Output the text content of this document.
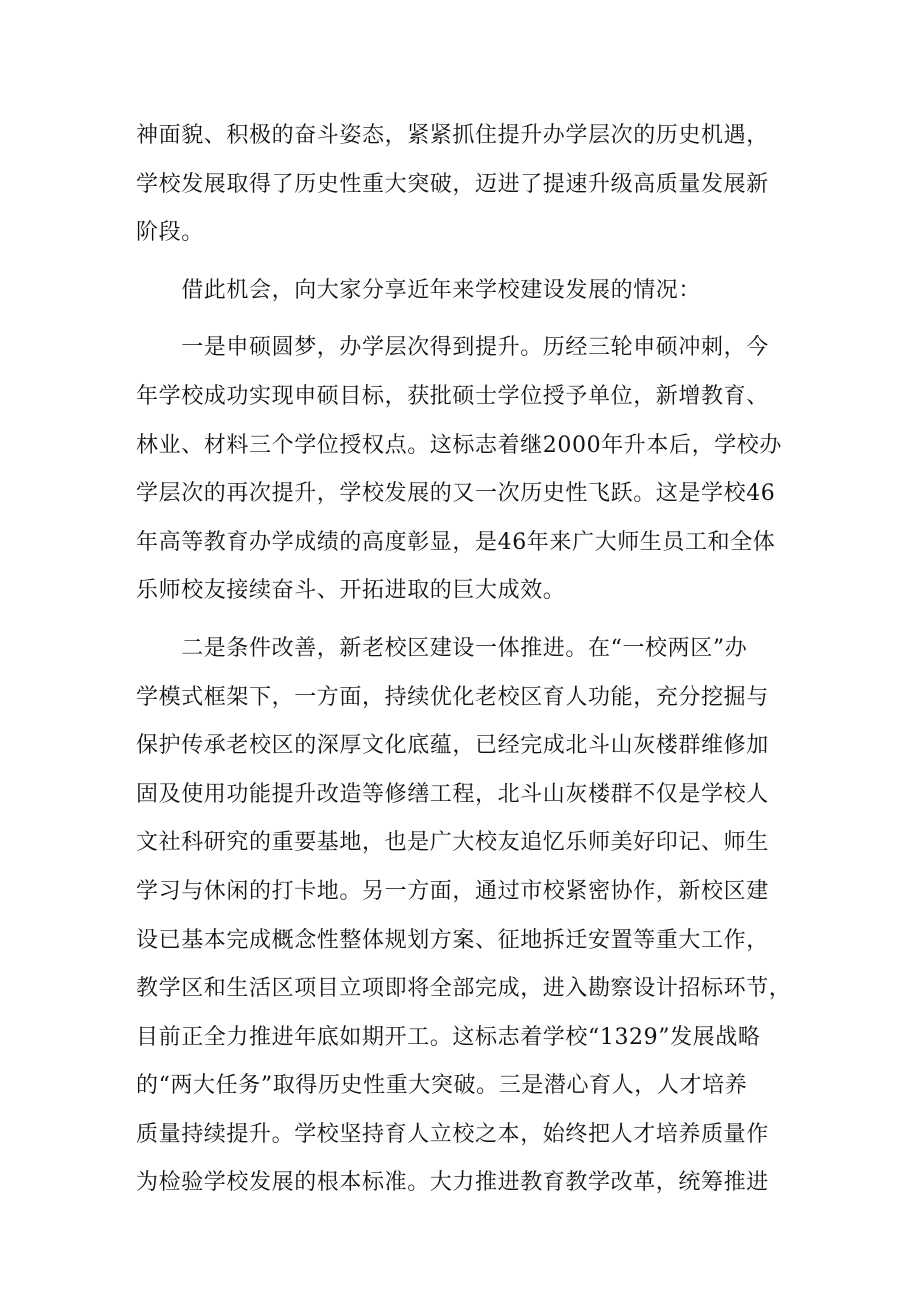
神面貌、积极的奋斗姿态，紧紧抓住提升办学层次的历史机遇，
学校发展取得了历史性重大突破，迈进了提速升级高质量发展新
阶段。
　　借此机会，向大家分享近年来学校建设发展的情况：
　　一是申硕圆梦，办学层次得到提升。历经三轮申硕冲刺，今
年学校成功实现申硕目标，获批硕士学位授予单位，新增教育、
林业、材料三个学位授权点。这标志着继2000年升本后，学校办
学层次的再次提升，学校发展的又一次历史性飞跃。这是学校46
年高等教育办学成绩的高度彰显，是46年来广大师生员工和全体
乐师校友接续奋斗、开拓进取的巨大成效。
　　二是条件改善，新老校区建设一体推进。在“一校两区”办
学模式框架下，一方面，持续优化老校区育人功能，充分挖掘与
保护传承老校区的深厚文化底蕴，已经完成北斗山灰楼群维修加
固及使用功能提升改造等修缮工程，北斗山灰楼群不仅是学校人
文社科研究的重要基地，也是广大校友追忆乐师美好印记、师生
学习与休闲的打卡地。另一方面，通过市校紧密协作，新校区建
设已基本完成概念性整体规划方案、征地拆迁安置等重大工作，
教学区和生活区项目立项即将全部完成，进入勘察设计招标环节，
目前正全力推进年底如期开工。这标志着学校“1329”发展战略
的“两大任务”取得历史性重大突破。三是潜心育人，人才培养
质量持续提升。学校坚持育人立校之本，始终把人才培养质量作
为检验学校发展的根本标准。大力推进教育教学改革，统筹推进
